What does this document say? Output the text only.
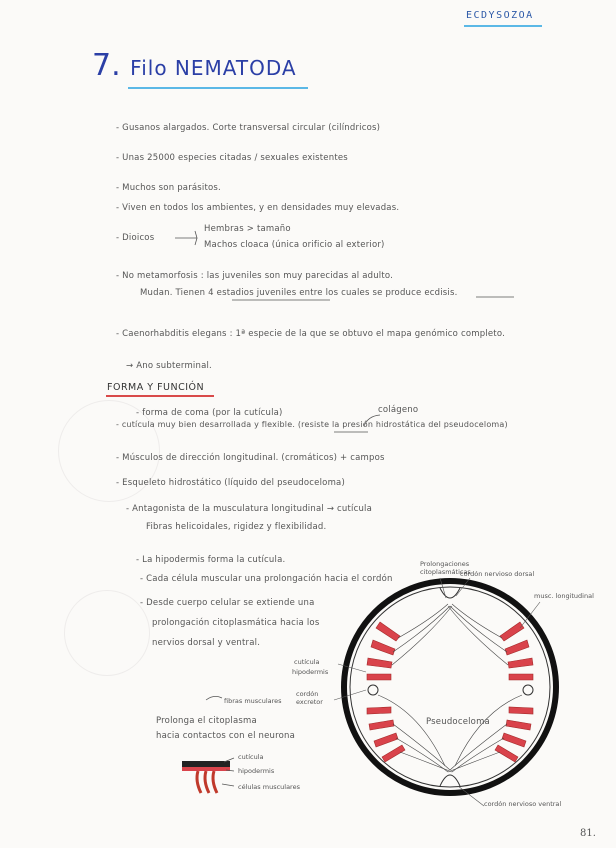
ECDYSOZOA
7. Filo NEMATODA
- Gusanos alargados. Corte transversal circular (cilíndricos)
- Unas 25000 especies citadas / sexuales existentes
- Muchos son parásitos.
- Viven en todos los ambientes, y en densidades muy elevadas.
- Dioicos
Hembras > tamaño
Machos cloaca (única orificio al exterior)
- No metamorfosis : las juveniles son muy parecidas al adulto.
Mudan. Tienen 4 estadios juveniles entre los cuales se produce ecdisis.
- Caenorhabditis elegans : 1ª especie de la que se obtuvo el mapa genómico completo.
→ Ano subterminal.
FORMA Y FUNCIÓN
- forma de coma (por la cutícula)	colágeno
- cutícula muy bien desarrollada y flexible. (resiste la presión hidrostática del pseudoceloma)
- Músculos de dirección longitudinal. (cromáticos) + campos
- Esqueleto hidrostático (líquido del pseudoceloma)
- Antagonista de la musculatura longitudinal → cutícula
Fibras helicoidales, rigidez y flexibilidad.
- La hipodermis forma la cutícula.
- Cada célula muscular una prolongación hacia el cordón
- Desde cuerpo celular se extiende una
prolongación citoplasmática hacia los
nervios dorsal y ventral.
fibras musculares
Prolonga el citoplasma
hacia contactos con el neurona
cutícula
hipodermis
células musculares
Prolongaciones citoplasmáticas
cordón nervioso dorsal
musc. longitudinal
cutícula
hipodermis
cordón excretor
Pseudoceloma
cordón nervioso ventral
81.
